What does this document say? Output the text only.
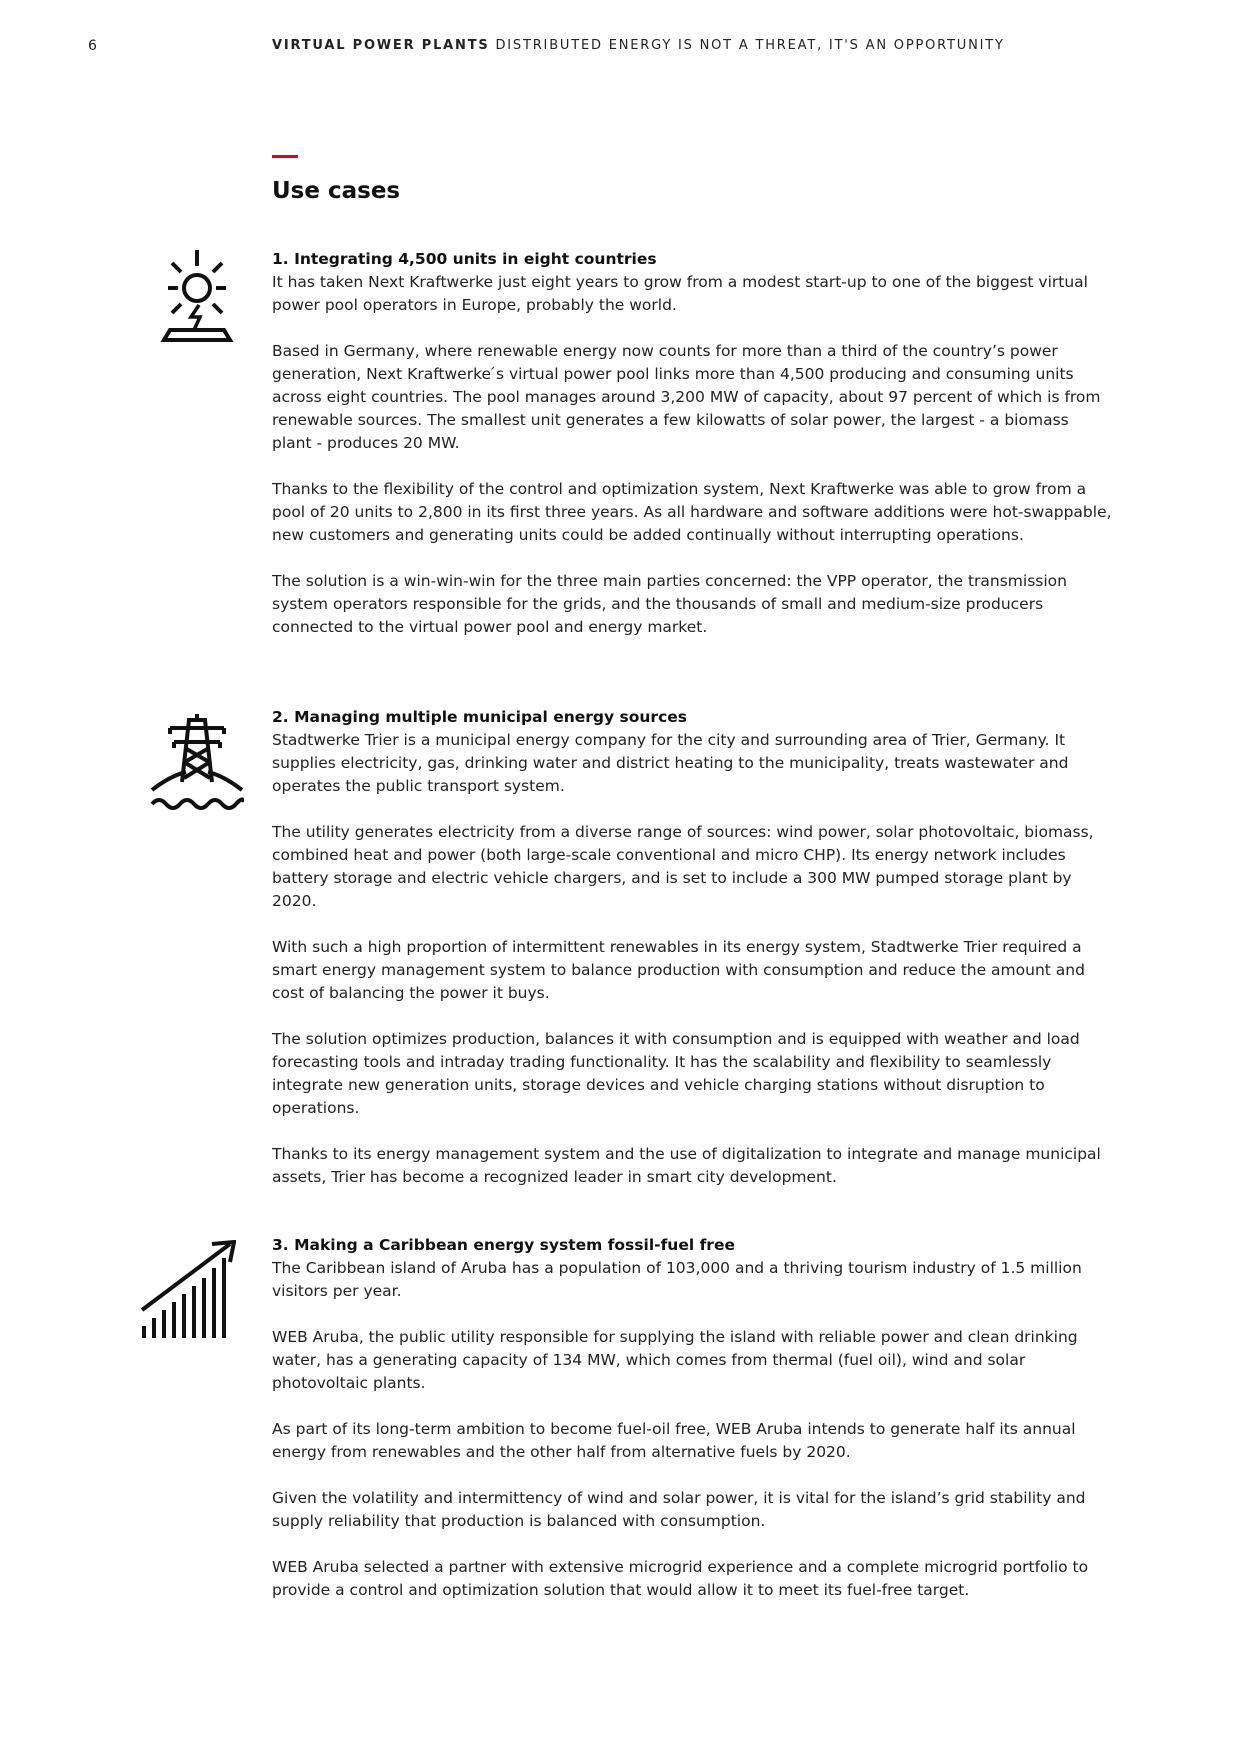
6	VIRTUAL POWER PLANTS DISTRIBUTED ENERGY IS NOT A THREAT, IT'S AN OPPORTUNITY
Use cases
1. Integrating 4,500 units in eight countries

It has taken Next Kraftwerke just eight years to grow from a modest start-up to one of the biggest virtual power pool operators in Europe, probably the world.

Based in Germany, where renewable energy now counts for more than a third of the country’s power generation, Next Kraftwerke ́s virtual power pool links more than 4,500 producing and consuming units across eight countries. The pool manages around 3,200 MW of capacity, about 97 percent of which is from renewable sources. The smallest unit generates a few kilowatts of solar power, the largest - a biomass plant - produces 20 MW.

Thanks to the flexibility of the control and optimization system, Next Kraftwerke was able to grow from a pool of 20 units to 2,800 in its first three years. As all hardware and software additions were hot-swappable, new customers and generating units could be added continually without interrupting operations.

The solution is a win-win-win for the three main parties concerned: the VPP operator, the transmission system operators responsible for the grids, and the thousands of small and medium-size producers connected to the virtual power pool and energy market.

2. Managing multiple municipal energy sources

Stadtwerke Trier is a municipal energy company for the city and surrounding area of Trier, Germany. It supplies electricity, gas, drinking water and district heating to the municipality, treats wastewater and operates the public transport system.

The utility generates electricity from a diverse range of sources: wind power, solar photovoltaic, biomass, combined heat and power (both large-scale conventional and micro CHP). Its energy network includes battery storage and electric vehicle chargers, and is set to include a 300 MW pumped storage plant by 2020.

With such a high proportion of intermittent renewables in its energy system, Stadtwerke Trier required a smart energy management system to balance production with consumption and reduce the amount and cost of balancing the power it buys.

The solution optimizes production, balances it with consumption and is equipped with weather and load forecasting tools and intraday trading functionality. It has the scalability and flexibility to seamlessly integrate new generation units, storage devices and vehicle charging stations without disruption to operations.

Thanks to its energy management system and the use of digitalization to integrate and manage municipal assets, Trier has become a recognized leader in smart city development.

3. Making a Caribbean energy system fossil-fuel free

The Caribbean island of Aruba has a population of 103,000 and a thriving tourism industry of 1.5 million visitors per year.

WEB Aruba, the public utility responsible for supplying the island with reliable power and clean drinking water, has a generating capacity of 134 MW, which comes from thermal (fuel oil), wind and solar photovoltaic plants.

As part of its long-term ambition to become fuel-oil free, WEB Aruba intends to generate half its annual energy from renewables and the other half from alternative fuels by 2020.

Given the volatility and intermittency of wind and solar power, it is vital for the island’s grid stability and supply reliability that production is balanced with consumption.

WEB Aruba selected a partner with extensive microgrid experience and a complete microgrid portfolio to provide a control and optimization solution that would allow it to meet its fuel-free target.
